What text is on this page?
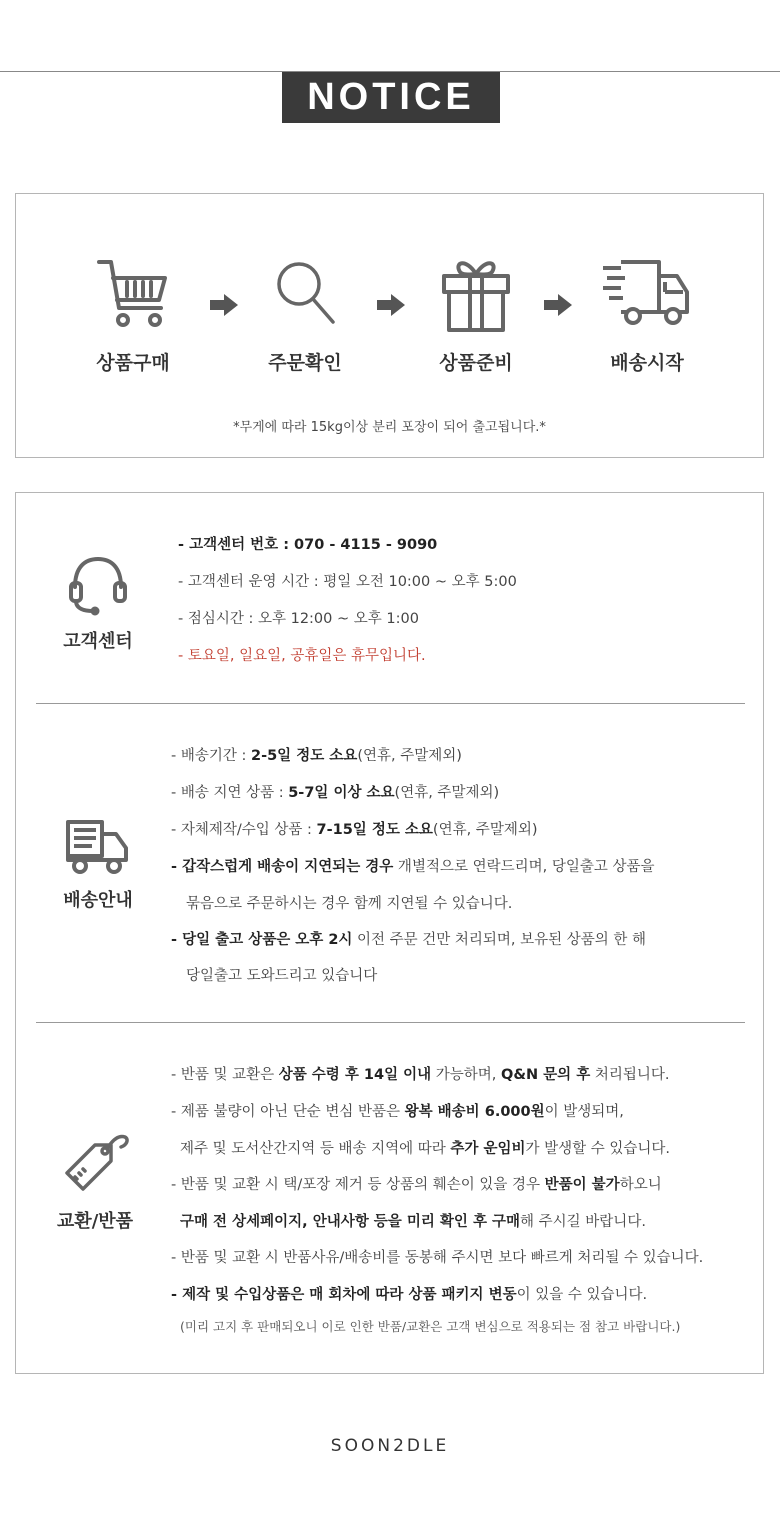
NOTICE
상품구매	주문확인	상품준비	배송시작
*무게에 따라 15kg이상 분리 포장이 되어 출고됩니다.*
고객센터
- 고객센터 번호 : 070 - 4115 - 9090
- 고객센터 운영 시간 : 평일 오전 10:00 ~ 오후 5:00
- 점심시간 : 오후 12:00 ~ 오후 1:00
- 토요일, 일요일, 공휴일은 휴무입니다.
배송안내
- 배송기간 : 2-5일 정도 소요(연휴, 주말제외)
- 배송 지연 상품 : 5-7일 이상 소요(연휴, 주말제외)
- 자체제작/수입 상품 : 7-15일 정도 소요(연휴, 주말제외)
- 갑작스럽게 배송이 지연되는 경우 개별적으로 연락드리며, 당일출고 상품을
묶음으로 주문하시는 경우 함께 지연될 수 있습니다.
- 당일 출고 상품은 오후 2시 이전 주문 건만 처리되며, 보유된 상품의 한 해
당일출고 도와드리고 있습니다
교환/반품
- 반품 및 교환은 상품 수령 후 14일 이내 가능하며, Q&N 문의 후 처리됩니다.
- 제품 불량이 아닌 단순 변심 반품은 왕복 배송비 6.000원이 발생되며,
제주 및 도서산간지역 등 배송 지역에 따라 추가 운임비가 발생할 수 있습니다.
- 반품 및 교환 시 택/포장 제거 등 상품의 훼손이 있을 경우 반품이 불가하오니
구매 전 상세페이지, 안내사항 등을 미리 확인 후 구매해 주시길 바랍니다.
- 반품 및 교환 시 반품사유/배송비를 동봉해 주시면 보다 빠르게 처리될 수 있습니다.
- 제작 및 수입상품은 매 회차에 따라 상품 패키지 변동이 있을 수 있습니다.
(미리 고지 후 판매되오니 이로 인한 반품/교환은 고객 변심으로 적용되는 점 참고 바랍니다.)
SOON2DLE
